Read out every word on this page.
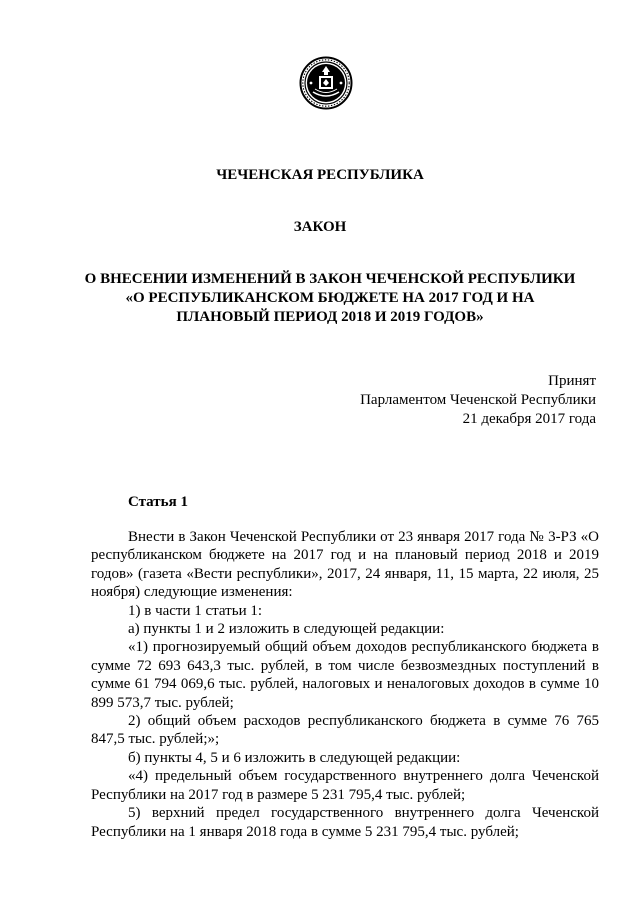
ЧЕЧЕНСКАЯ РЕСПУБЛИКА
ЗАКОН
О ВНЕСЕНИИ ИЗМЕНЕНИЙ В ЗАКОН ЧЕЧЕНСКОЙ РЕСПУБЛИКИ
«О РЕСПУБЛИКАНСКОМ БЮДЖЕТЕ НА 2017 ГОД И НА
ПЛАНОВЫЙ ПЕРИОД 2018 И 2019 ГОДОВ»
Принят
Парламентом Чеченской Республики
21 декабря 2017 года
Статья 1

Внести в Закон Чеченской Республики от 23 января 2017 года № 3-РЗ «О республиканском бюджете на 2017 год и на плановый период 2018 и 2019 годов» (газета «Вести республики», 2017, 24 января, 11, 15 марта, 22 июля, 25 ноября) следующие изменения:

1) в части 1 статьи 1:

а) пункты 1 и 2 изложить в следующей редакции:

«1) прогнозируемый общий объем доходов республиканского бюджета в сумме 72 693 643,3 тыс. рублей, в том числе безвозмездных поступлений в сумме 61 794 069,6 тыс. рублей, налоговых и неналоговых доходов в сумме 10 899 573,7 тыс. рублей;

2) общий объем расходов республиканского бюджета в сумме 76 765 847,5 тыс. рублей;»;

б) пункты 4, 5 и 6 изложить в следующей редакции:

«4) предельный объем государственного внутреннего долга Чеченской Республики на 2017 год в размере 5 231 795,4 тыс. рублей;

5) верхний предел государственного внутреннего долга Чеченской Республики на 1 января 2018 года в сумме 5 231 795,4 тыс. рублей;
